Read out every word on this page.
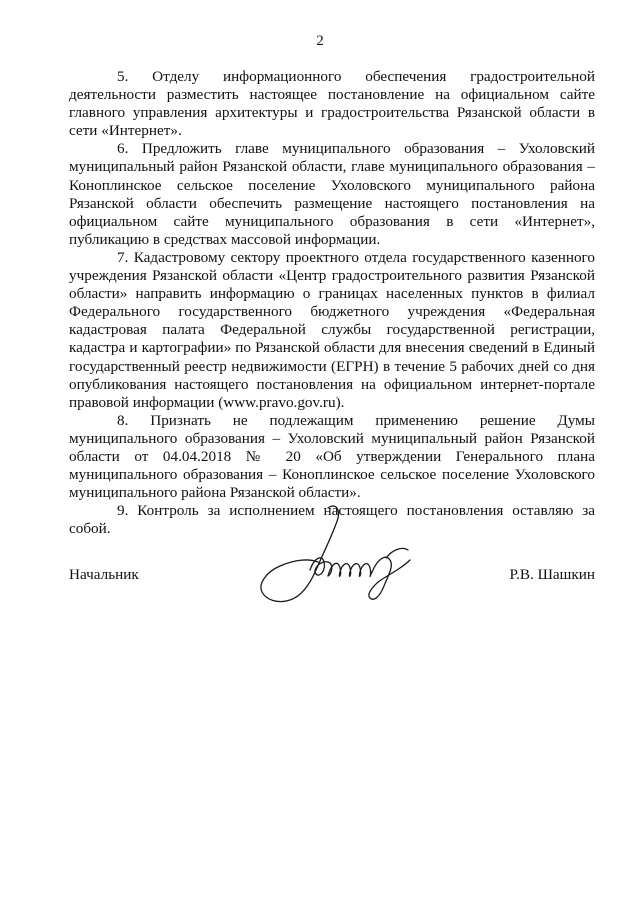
2

5. Отделу информационного обеспечения градостроительной деятельности разместить настоящее постановление на официальном сайте главного управления архитектуры и градостроительства Рязанской области в сети «Интернет».

6. Предложить главе муниципального образования – Ухоловский муниципальный район Рязанской области, главе муниципального образования – Коноплинское сельское поселение Ухоловского муниципального района Рязанской области обеспечить размещение настоящего постановления на официальном сайте муниципального образования в сети «Интернет», публикацию в средствах массовой информации.

7. Кадастровому сектору проектного отдела государственного казенного учреждения Рязанской области «Центр градостроительного развития Рязанской области» направить информацию о границах населенных пунктов в филиал Федерального государственного бюджетного учреждения «Федеральная кадастровая палата Федеральной службы государственной регистрации, кадастра и картографии» по Рязанской области для внесения сведений в Единый государственный реестр недвижимости (ЕГРН) в течение 5 рабочих дней со дня опубликования настоящего постановления на официальном интернет-портале правовой информации (www.pravo.gov.ru).

8. Признать не подлежащим применению решение Думы муниципального образования – Ухоловский муниципальный район Рязанской области от 04.04.2018 № 20 «Об утверждении Генерального плана муниципального образования – Коноплинское сельское поселение Ухоловского муниципального района Рязанской области».

9. Контроль за исполнением настоящего постановления оставляю за собой.

Начальник	Р.В. Шашкин
